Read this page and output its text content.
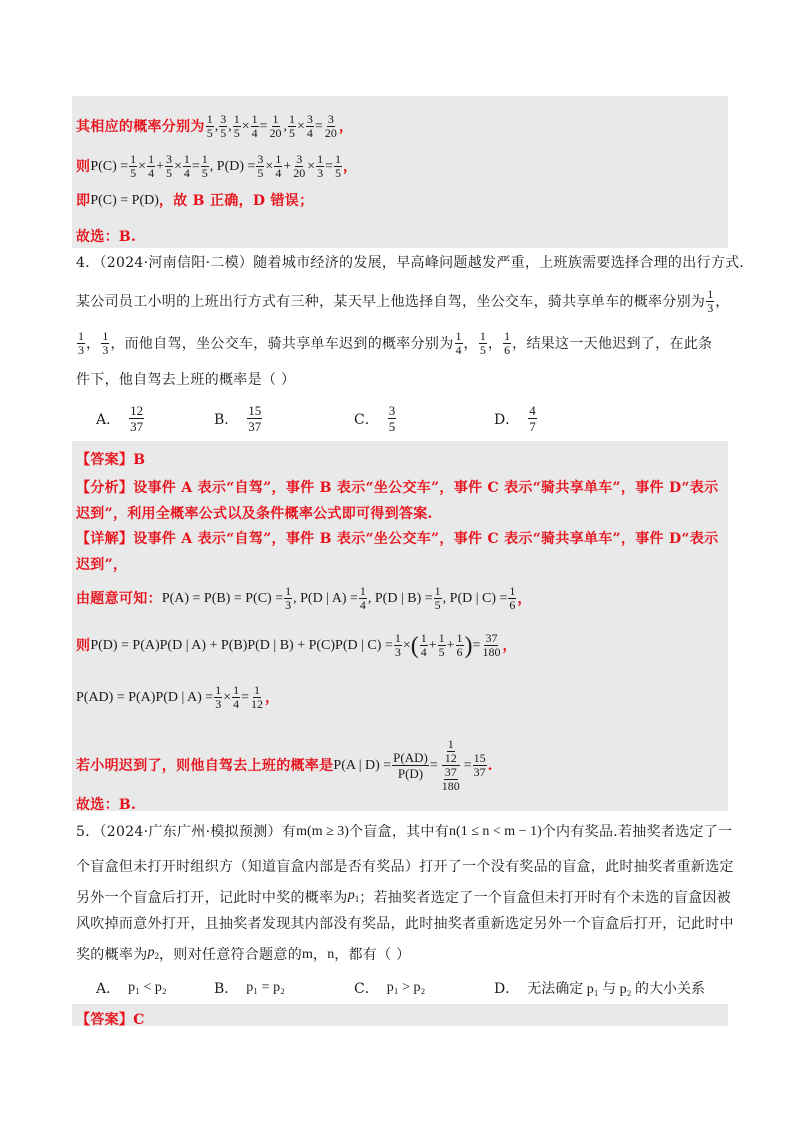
其相应的概率分别为 $\frac{1}{5}$ , $\frac{3}{5}$ , $\frac{1}{5} \times \frac{1}{4} = \frac{1}{20}$ , $\frac{1}{5} \times \frac{3}{4} = \frac{3}{20}$ ，
则 $P(C) = \frac{1}{5} \times \frac{1}{4} + \frac{3}{5} \times \frac{1}{4} = \frac{1}{5}$ , $P(D) = \frac{3}{5} \times \frac{1}{4} + \frac{3}{20} \times \frac{1}{3} = \frac{1}{5}$ ，
即 P(C) = P(D) ，故 B 正确，D 错误；
故选：B.
4．（2024·河南信阳·二模）随着城市经济的发展，早高峰问题越发严重，上班族需要选择合理的出行方式.
某公司员工小明的上班出行方式有三种，某天早上他选择自驾，坐公交车，骑共享单车的概率分别为 $\frac{1}{3}$ ，
$\frac{1}{3}$ ， $\frac{1}{3}$ ，而他自驾，坐公交车，骑共享单车迟到的概率分别为 $\frac{1}{4}$ ， $\frac{1}{5}$ ， $\frac{1}{6}$ ，结果这一天他迟到了，在此条
件下，他自驾去上班的概率是（ ）
【答案】B
【分析】设事件 A 表示“自驾”，事件 B 表示“坐公交车”，事件 C 表示“骑共享单车”，事件 D“表示
迟到”，利用全概率公式以及条件概率公式即可得到答案.
【详解】设事件 A 表示“自驾”，事件 B 表示“坐公交车”，事件 C 表示“骑共享单车”，事件 D“表示
迟到”，
由题意可知： $P(A) = P(B) = P(C) = \frac{1}{3}$ , P(D | $A) = \frac{1}{4}$ , P(D | $B) = \frac{1}{5}$ , P(D | $C) = \frac{1}{6}$ ，
则 P(D) = P(A)P(D | A) + P(B)P(D | B) + P(C)P(D | $C) = \frac{1}{3}$ × ( $\frac{1}{4} + \frac{1}{5} + \frac{1}{6}$ ) = $\frac{37}{180}$ ，
P(AD) = P(A)P(D | $A) = \frac{1}{3} \times \frac{1}{4} = \frac{1}{12}$ ，
若小明迟到了，则他自驾去上班的概率是 P(A | $D) = \frac{P(AD)}{P(D)} = \frac{\frac{1}{12}}{\frac{37}{180}} = \frac{15}{37}$ .
故选：B.
5．（2024·广东广州·模拟预测）有 m(m ≥ 3) 个盲盒，其中有 n(1 ≤ n < m − 1) 个内有奖品.若抽奖者选定了一
个盲盒但未打开时组织方（知道盲盒内部是否有奖品）打开了一个没有奖品的盲盒，此时抽奖者重新选定
另外一个盲盒后打开，记此时中奖的概率为 $p_1$ ；若抽奖者选定了一个盲盒但未打开时有个未选的盲盒因被
风吹掉而意外打开，且抽奖者发现其内部没有奖品，此时抽奖者重新选定另外一个盲盒后打开，记此时中
奖的概率为 $p_2$ ，则对任意符合题意的 m ， n ，都有（ ）
【答案】C
A． $\frac{12}{37}$	B． $\frac{15}{37}$	C． $\frac{3}{5}$	D． $\frac{4}{7}$
A． p₁ < p₂	B． p₁ = p₂	C． p₁ > p₂	D． 无法确定 p₁ 与 p₂ 的大小关系
